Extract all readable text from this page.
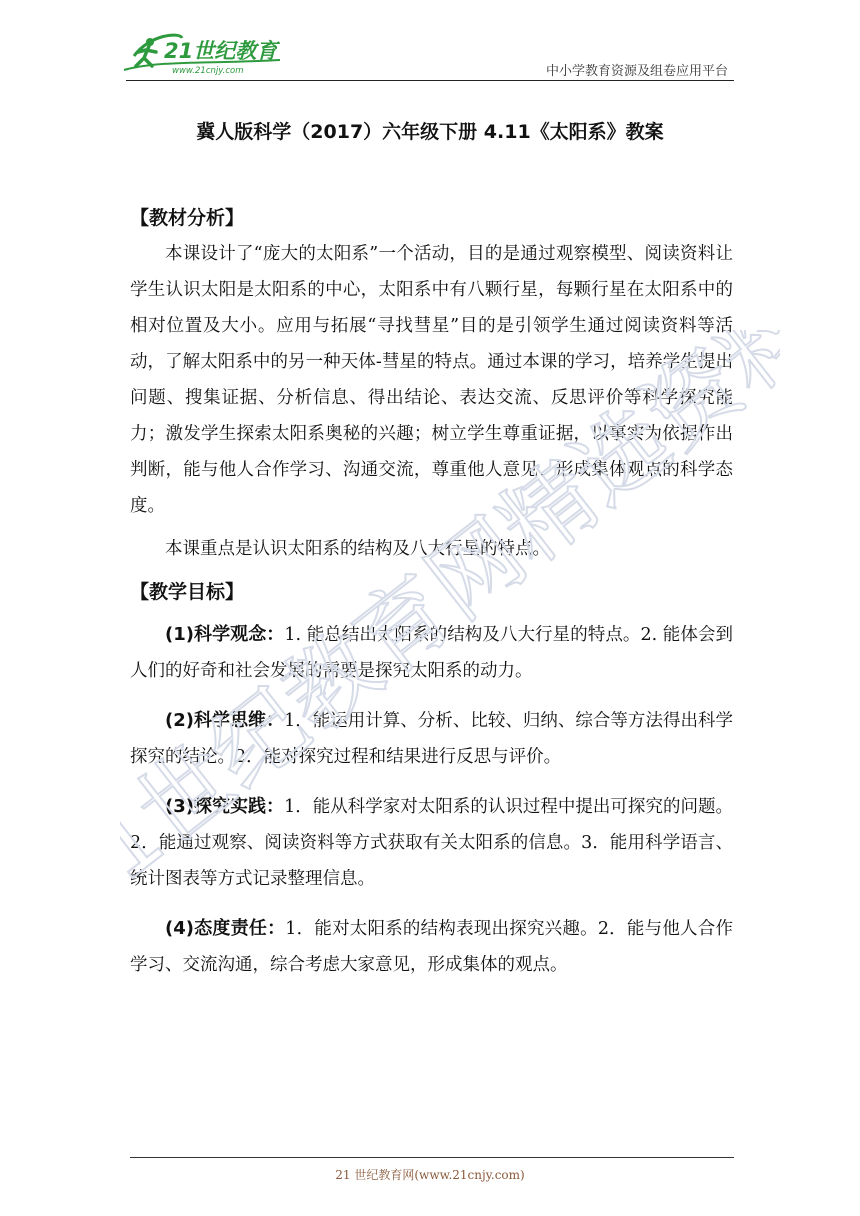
21世纪教育
www.21cnjy.com	中小学教育资源及组卷应用平台
冀人版科学（2017）六年级下册 4.11《太阳系》教案

【教材分析】

本课设计了“庞大的太阳系”一个活动，目的是通过观察模型、阅读资料让学生认识太阳是太阳系的中心，太阳系中有八颗行星，每颗行星在太阳系中的相对位置及大小。应用与拓展“寻找彗星”目的是引领学生通过阅读资料等活动，了解太阳系中的另一种天体-彗星的特点。通过本课的学习，培养学生提出问题、搜集证据、分析信息、得出结论、表达交流、反思评价等科学探究能力；激发学生探索太阳系奥秘的兴趣；树立学生尊重证据，以事实为依据作出判断，能与他人合作学习、沟通交流，尊重他人意见、形成集体观点的科学态度。

本课重点是认识太阳系的结构及八大行星的特点。

【教学目标】

(1)科学观念：1. 能总结出太阳系的结构及八大行星的特点。2. 能体会到人们的好奇和社会发展的需要是探究太阳系的动力。

(2)科学思维：1．能运用计算、分析、比较、归纳、综合等方法得出科学探究的结论。2．能对探究过程和结果进行反思与评价。

(3)探究实践：1．能从科学家对太阳系的认识过程中提出可探究的问题。2．能通过观察、阅读资料等方式获取有关太阳系的信息。3．能用科学语言、统计图表等方式记录整理信息。

(4)态度责任：1．能对太阳系的结构表现出探究兴趣。2．能与他人合作学习、交流沟通，综合考虑大家意见，形成集体的观点。

21世纪教育网精选资料
21 世纪教育网(www.21cnjy.com)
